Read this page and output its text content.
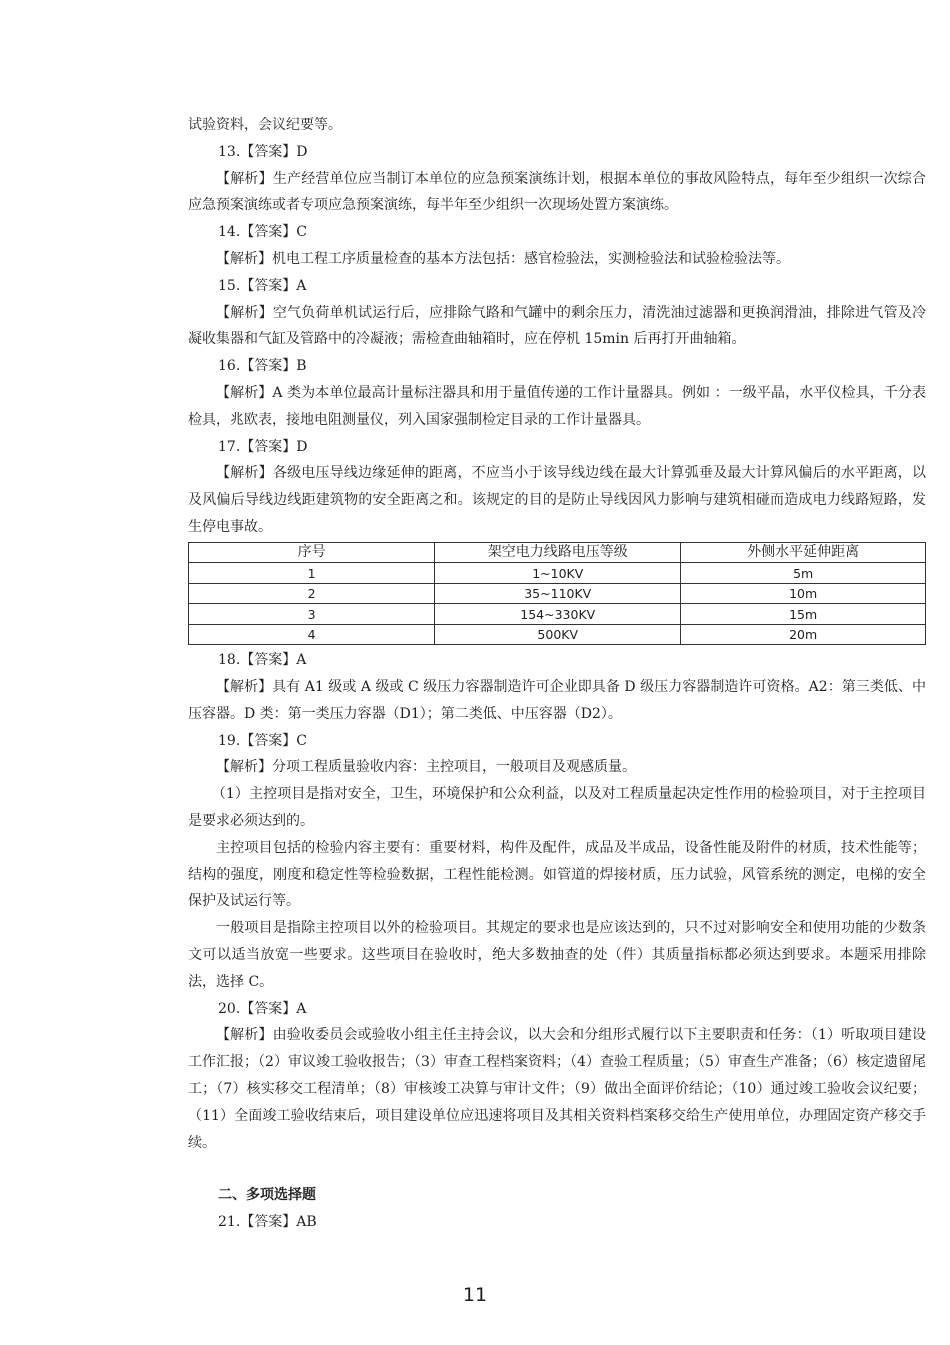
试验资料，会议纪要等。

13.【答案】D

【解析】生产经营单位应当制订本单位的应急预案演练计划，根据本单位的事故风险特点，每年至少组织一次综合应急预案演练或者专项应急预案演练，每半年至少组织一次现场处置方案演练。

14.【答案】C

【解析】机电工程工序质量检查的基本方法包括：感官检验法，实测检验法和试验检验法等。

15.【答案】A

【解析】空气负荷单机试运行后，应排除气路和气罐中的剩余压力，清洗油过滤器和更换润滑油，排除进气管及冷凝收集器和气缸及管路中的冷凝液；需检查曲轴箱时，应在停机 15min 后再打开曲轴箱。

16.【答案】B

【解析】A 类为本单位最高计量标注器具和用于量值传递的工作计量器具。例如 ：一级平晶，水平仪检具，千分表检具，兆欧表，接地电阻测量仪，列入国家强制检定目录的工作计量器具。

17.【答案】D

【解析】各级电压导线边缘延伸的距离，不应当小于该导线边线在最大计算弧垂及最大计算风偏后的水平距离，以及风偏后导线边线距建筑物的安全距离之和。该规定的目的是防止导线因风力影响与建筑相碰而造成电力线路短路，发生停电事故。

序号	架空电力线路电压等级	外侧水平延伸距离
1	1~10KV	5m
2	35~110KV	10m
3	154~330KV	15m
4	500KV	20m

18.【答案】A

【解析】具有 A1 级或 A 级或 C 级压力容器制造许可企业即具备 D 级压力容器制造许可资格。A2：第三类低、中压容器。D 类：第一类压力容器（D1）；第二类低、中压容器（D2）。

19.【答案】C

【解析】分项工程质量验收内容：主控项目，一般项目及观感质量。

（1）主控项目是指对安全，卫生，环境保护和公众利益，以及对工程质量起决定性作用的检验项目，对于主控项目是要求必须达到的。

主控项目包括的检验内容主要有：重要材料，构件及配件，成品及半成品，设备性能及附件的材质，技术性能等；结构的强度，刚度和稳定性等检验数据，工程性能检测。如管道的焊接材质，压力试验，风管系统的测定，电梯的安全保护及试运行等。

一般项目是指除主控项目以外的检验项目。其规定的要求也是应该达到的，只不过对影响安全和使用功能的少数条文可以适当放宽一些要求。这些项目在验收时，绝大多数抽查的处（件）其质量指标都必须达到要求。本题采用排除法，选择 C。

20.【答案】A

【解析】由验收委员会或验收小组主任主持会议，以大会和分组形式履行以下主要职责和任务：（1）听取项目建设工作汇报；（2）审议竣工验收报告；（3）审查工程档案资料；（4）查验工程质量；（5）审查生产准备；（6）核定遗留尾工；（7）核实移交工程清单；（8）审核竣工决算与审计文件；（9）做出全面评价结论；（10）通过竣工验收会议纪要；（11）全面竣工验收结束后，项目建设单位应迅速将项目及其相关资料档案移交给生产使用单位，办理固定资产移交手续。

二、多项选择题

21.【答案】AB

11
